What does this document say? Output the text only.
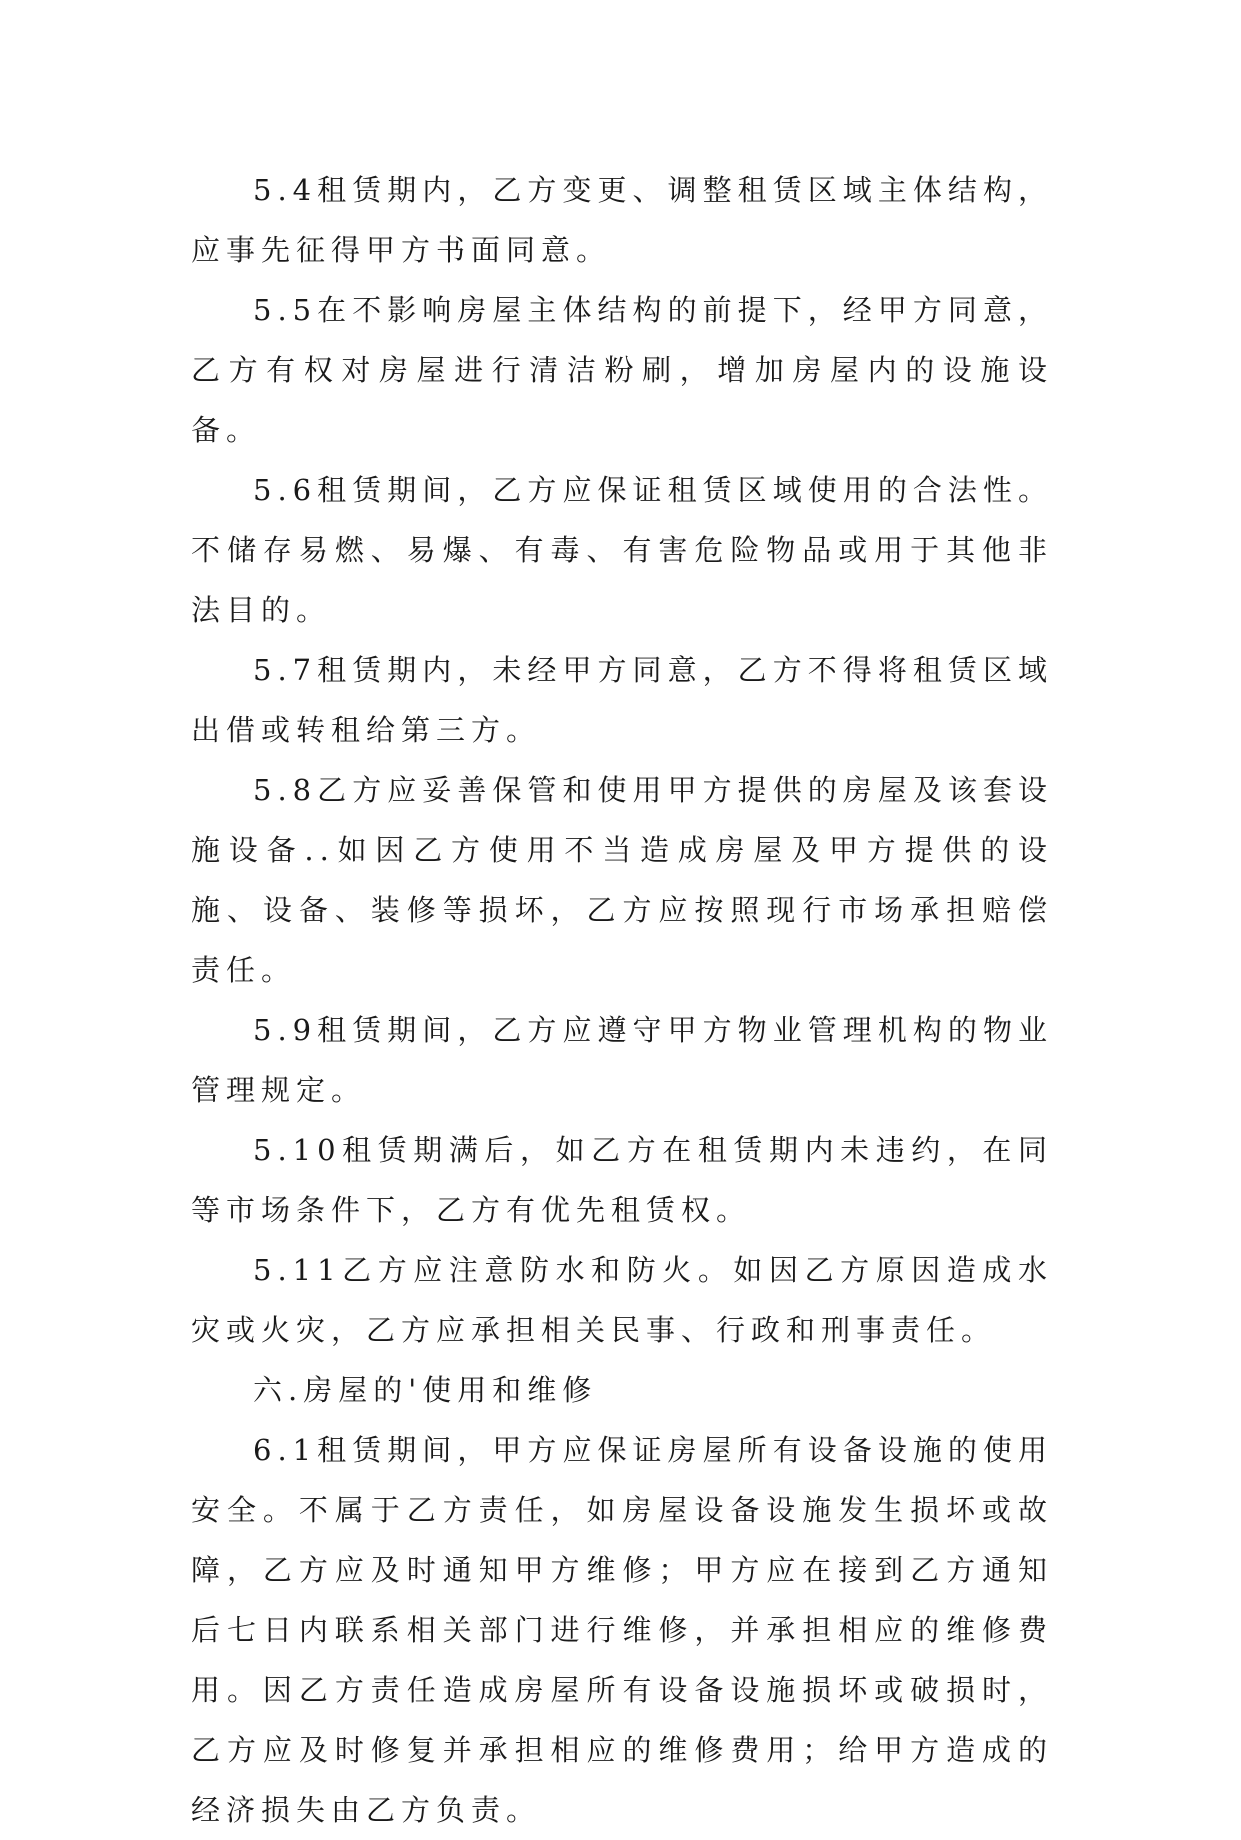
5.4租赁期内，乙方变更、调整租赁区域主体结构，应事先征得甲方书面同意。

5.5在不影响房屋主体结构的前提下，经甲方同意，乙方有权对房屋进行清洁粉刷，增加房屋内的设施设备。

5.6租赁期间，乙方应保证租赁区域使用的合法性。不储存易燃、易爆、有毒、有害危险物品或用于其他非法目的。

5.7租赁期内，未经甲方同意，乙方不得将租赁区域出借或转租给第三方。

5.8乙方应妥善保管和使用甲方提供的房屋及该套设施设备..如因乙方使用不当造成房屋及甲方提供的设施、设备、装修等损坏，乙方应按照现行市场承担赔偿责任。

5.9租赁期间，乙方应遵守甲方物业管理机构的物业管理规定。

5.10租赁期满后，如乙方在租赁期内未违约，在同等市场条件下，乙方有优先租赁权。

5.11乙方应注意防水和防火。如因乙方原因造成水灾或火灾，乙方应承担相关民事、行政和刑事责任。

六.房屋的'使用和维修

6.1租赁期间，甲方应保证房屋所有设备设施的使用安全。不属于乙方责任，如房屋设备设施发生损坏或故障，乙方应及时通知甲方维修；甲方应在接到乙方通知后七日内联系相关部门进行维修，并承担相应的维修费用。因乙方责任造成房屋所有设备设施损坏或破损时，乙方应及时修复并承担相应的维修费用；给甲方造成的经济损失由乙方负责。
